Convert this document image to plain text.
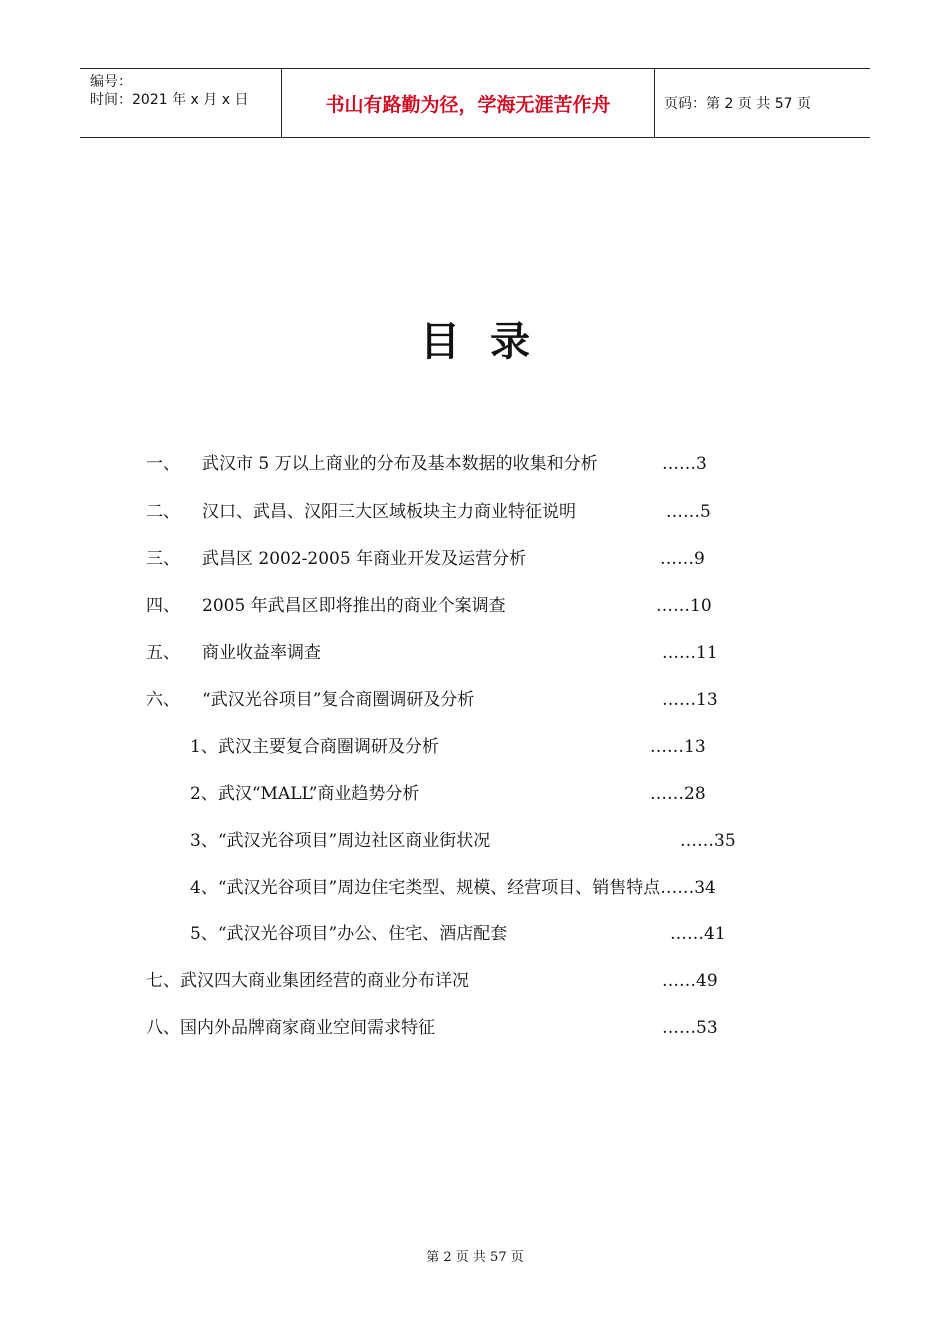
编号：
时间：2021 年 x 月 x 日	书山有路勤为径，学海无涯苦作舟	页码：第 2 页 共 57 页
目录
一、 武汉市 5 万以上商业的分布及基本数据的收集和分析	……3
二、 汉口、武昌、汉阳三大区域板块主力商业特征说明	……5
三、 武昌区 2002-2005 年商业开发及运营分析	……9
四、 2005 年武昌区即将推出的商业个案调查	……10
五、 商业收益率调查	……11
六、 “武汉光谷项目”复合商圈调研及分析	……13
1、武汉主要复合商圈调研及分析	……13
2、武汉“MALL”商业趋势分析	……28
3、“武汉光谷项目”周边社区商业街状况	……35
4、“武汉光谷项目”周边住宅类型、规模、经营项目、销售特点……34
5、“武汉光谷项目”办公、住宅、酒店配套	……41
七、武汉四大商业集团经营的商业分布详况	……49
八、国内外品牌商家商业空间需求特征	……53
第 2 页 共 57 页
